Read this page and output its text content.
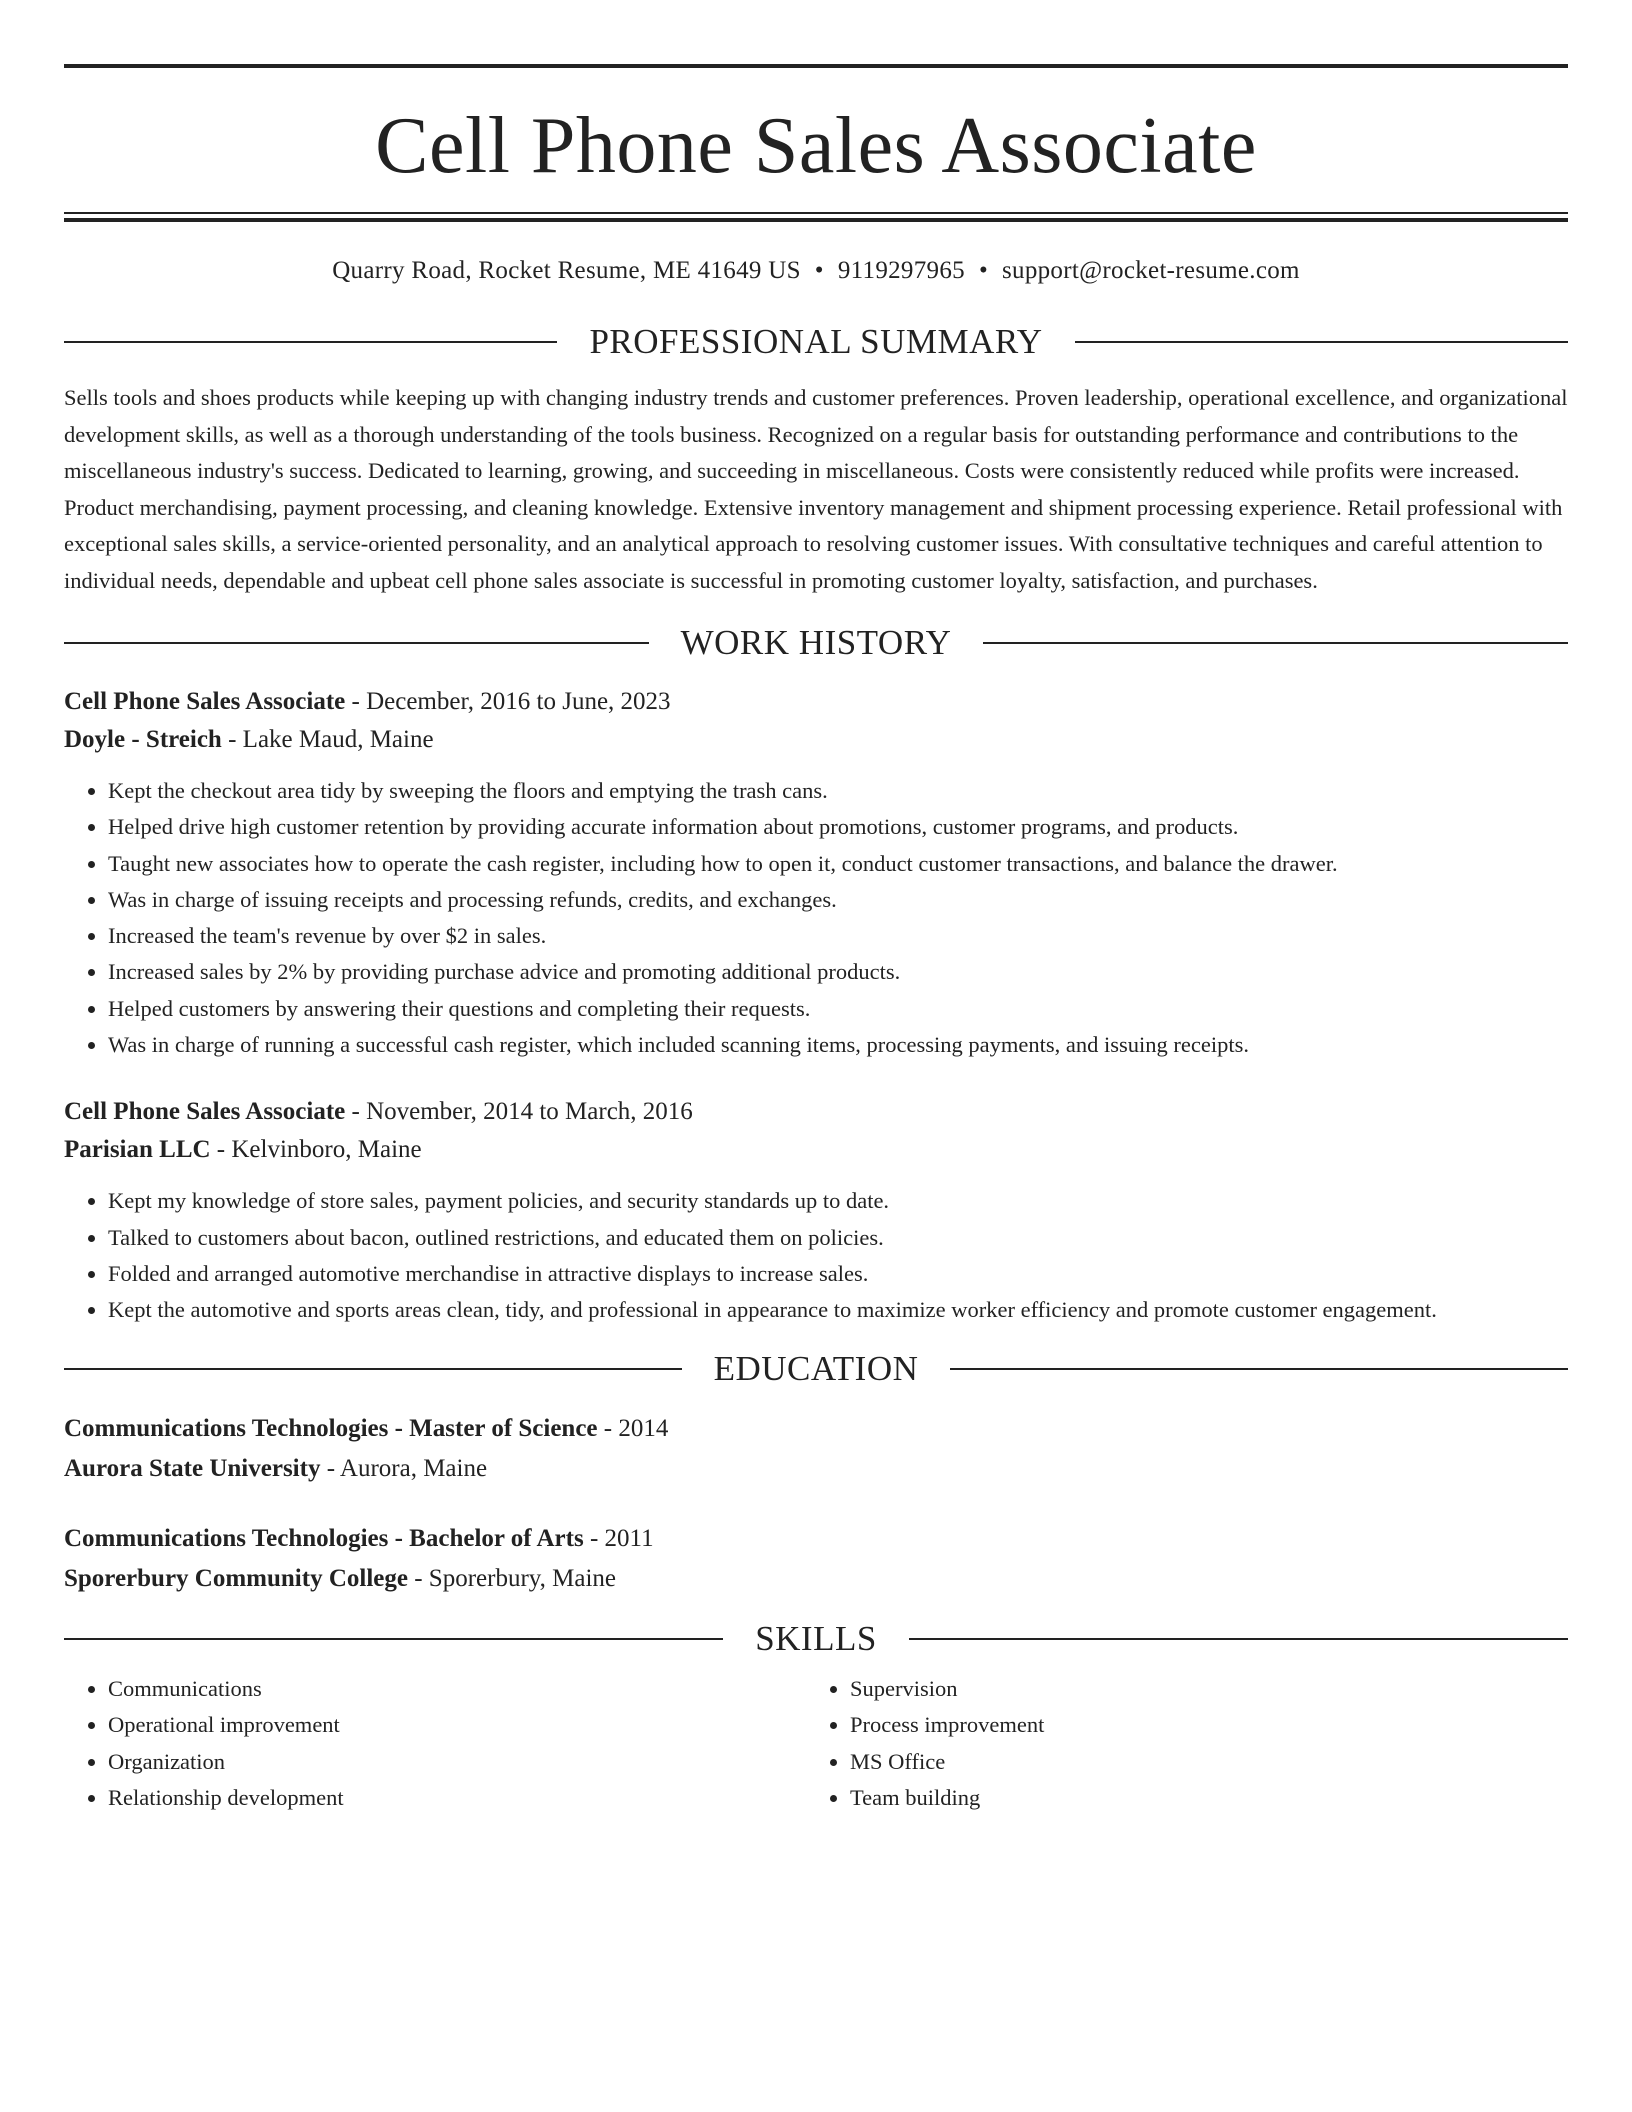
Cell Phone Sales Associate
Quarry Road, Rocket Resume, ME 41649 US • 9119297965 • support@rocket-resume.com
PROFESSIONAL SUMMARY

Sells tools and shoes products while keeping up with changing industry trends and customer preferences. Proven leadership, operational excellence, and organizational development skills, as well as a thorough understanding of the tools business. Recognized on a regular basis for outstanding performance and contributions to the miscellaneous industry's success. Dedicated to learning, growing, and succeeding in miscellaneous. Costs were consistently reduced while profits were increased. Product merchandising, payment processing, and cleaning knowledge. Extensive inventory management and shipment processing experience. Retail professional with exceptional sales skills, a service-oriented personality, and an analytical approach to resolving customer issues. With consultative techniques and careful attention to individual needs, dependable and upbeat cell phone sales associate is successful in promoting customer loyalty, satisfaction, and purchases.

WORK HISTORY
Cell Phone Sales Associate - December, 2016 to June, 2023
Doyle - Streich - Lake Maud, Maine
• Kept the checkout area tidy by sweeping the floors and emptying the trash cans.
• Helped drive high customer retention by providing accurate information about promotions, customer programs, and products.
• Taught new associates how to operate the cash register, including how to open it, conduct customer transactions, and balance the drawer.
• Was in charge of issuing receipts and processing refunds, credits, and exchanges.
• Increased the team's revenue by over $2 in sales.
• Increased sales by 2% by providing purchase advice and promoting additional products.
• Helped customers by answering their questions and completing their requests.
• Was in charge of running a successful cash register, which included scanning items, processing payments, and issuing receipts.
Cell Phone Sales Associate - November, 2014 to March, 2016
Parisian LLC - Kelvinboro, Maine
• Kept my knowledge of store sales, payment policies, and security standards up to date.
• Talked to customers about bacon, outlined restrictions, and educated them on policies.
• Folded and arranged automotive merchandise in attractive displays to increase sales.
• Kept the automotive and sports areas clean, tidy, and professional in appearance to maximize worker efficiency and promote customer engagement.
EDUCATION
Communications Technologies - Master of Science - 2014
Aurora State University - Aurora, Maine
Communications Technologies - Bachelor of Arts - 2011
Sporerbury Community College - Sporerbury, Maine
SKILLS
• Communications
• Operational improvement
• Organization
• Relationship development
• Supervision
• Process improvement
• MS Office
• Team building
